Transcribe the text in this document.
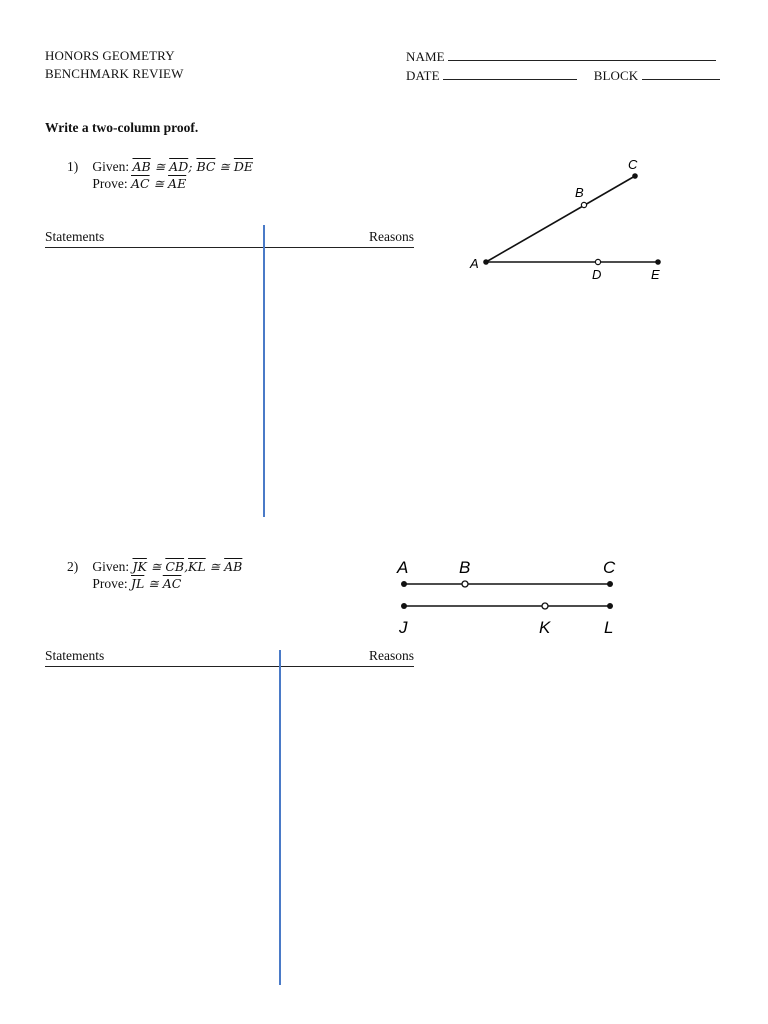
HONORS GEOMETRY
BENCHMARK REVIEW
NAME
DATE	BLOCK
Write a two-column proof.
1) Given: $\overline{AB}$ ≅ $\overline{AD}$; $\overline{BC}$ ≅ $\overline{DE}$
Prove: $\overline{AC}$ ≅ $\overline{AE}$
A
B
C
D	E
Statements	Reasons
2) Given: $\overline{JK}$ ≅ $\overline{CB},\overline{KL}$ ≅ $\overline{AB}$
Prove: $\overline{JL}$ ≅ $\overline{AC}$
A	B	C
J	K	L
Statements	Reasons
